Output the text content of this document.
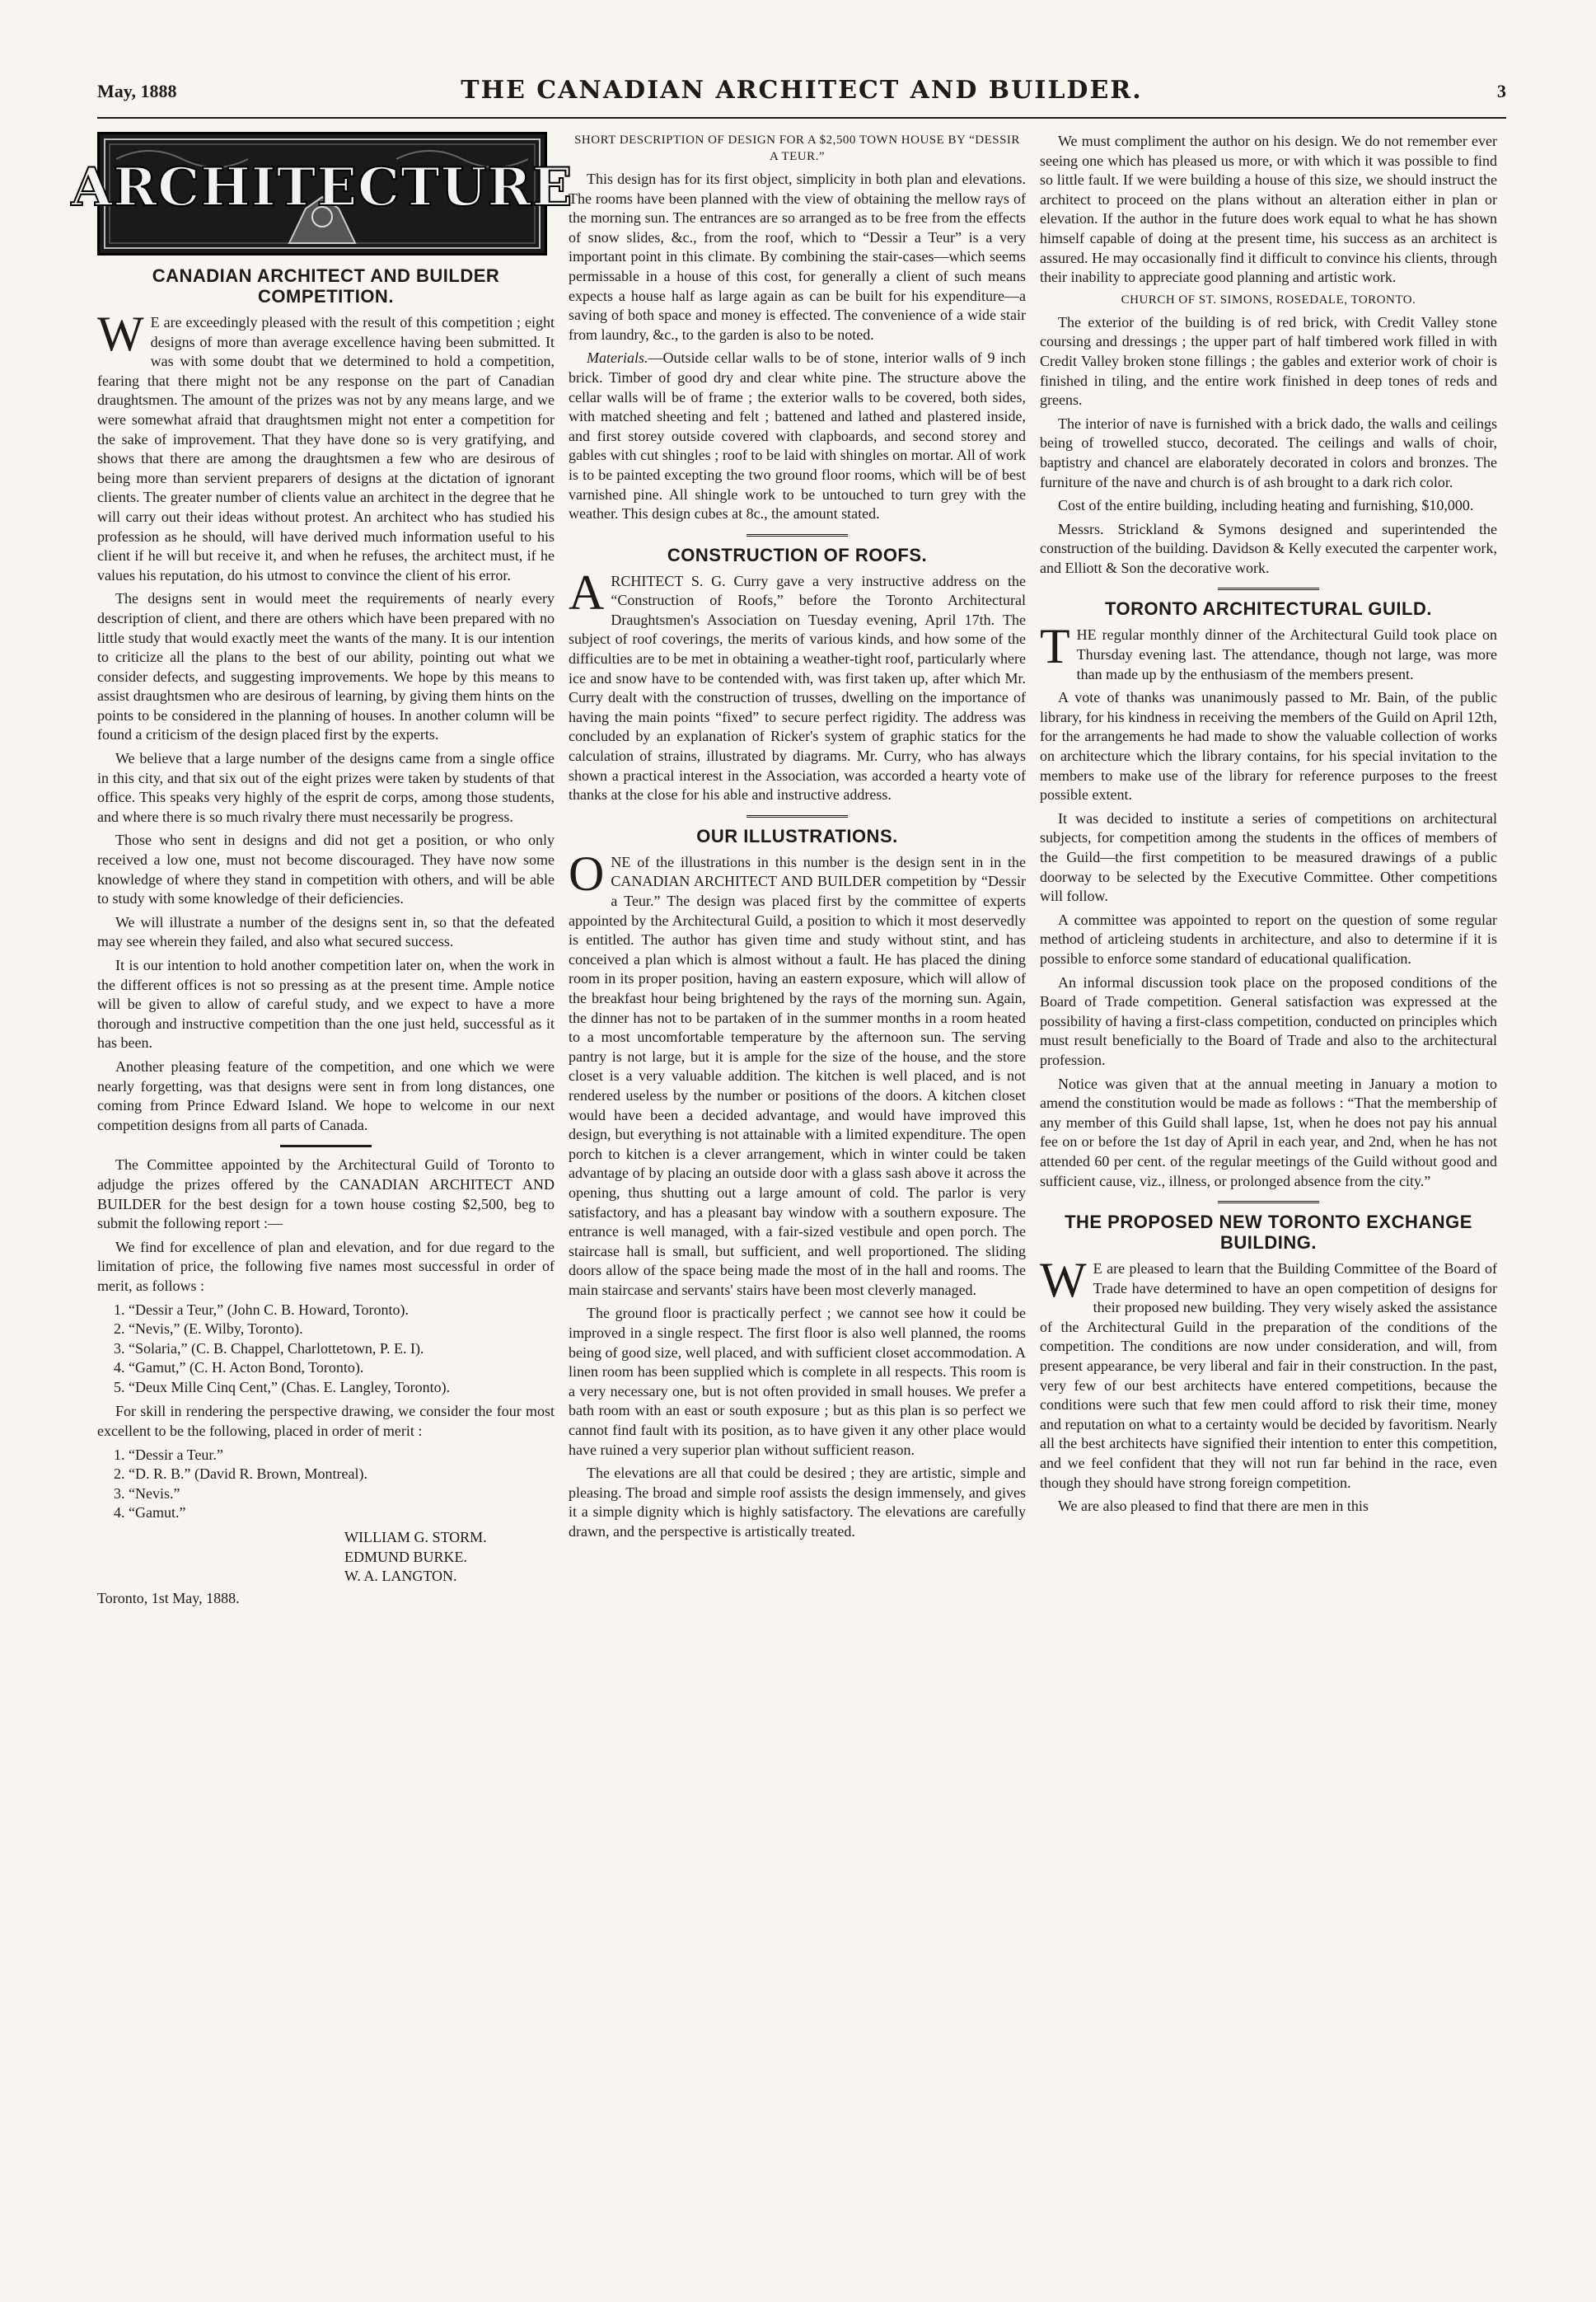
May, 1888	THE CANADIAN ARCHITECT AND BUILDER.	3
ARCHITECTURE
CANADIAN ARCHITECT AND BUILDER COMPETITION.

W E are exceedingly pleased with the result of this competition ; eight designs of more than average excellence having been submitted. It was with some doubt that we determined to hold a competition, fearing that there might not be any response on the part of Canadian draughtsmen. The amount of the prizes was not by any means large, and we were somewhat afraid that draughtsmen might not enter a competition for the sake of improvement. That they have done so is very gratifying, and shows that there are among the draughtsmen a few who are desirous of being more than servient preparers of designs at the dictation of ignorant clients. The greater number of clients value an architect in the degree that he will carry out their ideas without protest. An architect who has studied his profession as he should, will have derived much information useful to his client if he will but receive it, and when he refuses, the architect must, if he values his reputation, do his utmost to convince the client of his error.

The designs sent in would meet the requirements of nearly every description of client, and there are others which have been prepared with no little study that would exactly meet the wants of the many. It is our intention to criticize all the plans to the best of our ability, pointing out what we consider defects, and suggesting improvements. We hope by this means to assist draughtsmen who are desirous of learning, by giving them hints on the points to be considered in the planning of houses. In another column will be found a criticism of the design placed first by the experts.

We believe that a large number of the designs came from a single office in this city, and that six out of the eight prizes were taken by students of that office. This speaks very highly of the esprit de corps, among those students, and where there is so much rivalry there must necessarily be progress.

Those who sent in designs and did not get a position, or who only received a low one, must not become discouraged. They have now some knowledge of where they stand in competition with others, and will be able to study with some knowledge of their deficiencies.

We will illustrate a number of the designs sent in, so that the defeated may see wherein they failed, and also what secured success.

It is our intention to hold another competition later on, when the work in the different offices is not so pressing as at the present time. Ample notice will be given to allow of careful study, and we expect to have a more thorough and instructive competition than the one just held, successful as it has been.

Another pleasing feature of the competition, and one which we were nearly forgetting, was that designs were sent in from long distances, one coming from Prince Edward Island. We hope to welcome in our next competition designs from all parts of Canada.

The Committee appointed by the Architectural Guild of Toronto to adjudge the prizes offered by the CANADIAN ARCHITECT AND BUILDER for the best design for a town house costing $2,500, beg to submit the following report :—

We find for excellence of plan and elevation, and for due regard to the limitation of price, the following five names most successful in order of merit, as follows :

1. “Dessir a Teur,” (John C. B. Howard, Toronto).
2. “Nevis,” (E. Wilby, Toronto).
3. “Solaria,” (C. B. Chappel, Charlottetown, P. E. I).
4. “Gamut,” (C. H. Acton Bond, Toronto).
5. “Deux Mille Cinq Cent,” (Chas. E. Langley, Toronto).

For skill in rendering the perspective drawing, we consider the four most excellent to be the following, placed in order of merit :

1. “Dessir a Teur.”
2. “D. R. B.” (David R. Brown, Montreal).
3. “Nevis.”
4. “Gamut.”
WILLIAM G. STORM.
EDMUND BURKE.
W. A. LANGTON.
Toronto, 1st May, 1888.
SHORT DESCRIPTION OF DESIGN FOR A $2,500 TOWN HOUSE BY “DESSIR A TEUR.”

This design has for its first object, simplicity in both plan and elevations. The rooms have been planned with the view of obtaining the mellow rays of the morning sun. The entrances are so arranged as to be free from the effects of snow slides, &c., from the roof, which to “Dessir a Teur” is a very important point in this climate. By combining the stair-cases—which seems permissable in a house of this cost, for generally a client of such means expects a house half as large again as can be built for his expenditure—a saving of both space and money is effected. The convenience of a wide stair from laundry, &c., to the garden is also to be noted.

Materials.—Outside cellar walls to be of stone, interior walls of 9 inch brick. Timber of good dry and clear white pine. The structure above the cellar walls will be of frame ; the exterior walls to be covered, both sides, with matched sheeting and felt ; battened and lathed and plastered inside, and first storey outside covered with clapboards, and second storey and gables with cut shingles ; roof to be laid with shingles on mortar. All of work is to be painted excepting the two ground floor rooms, which will be of best varnished pine. All shingle work to be untouched to turn grey with the weather. This design cubes at 8c., the amount stated.

CONSTRUCTION OF ROOFS.

ARCHITECT S. G. Curry gave a very instructive address on the “Construction of Roofs,” before the Toronto Architectural Draughtsmen's Association on Tuesday evening, April 17th. The subject of roof coverings, the merits of various kinds, and how some of the difficulties are to be met in obtaining a weather-tight roof, particularly where ice and snow have to be contended with, was first taken up, after which Mr. Curry dealt with the construction of trusses, dwelling on the importance of having the main points “fixed” to secure perfect rigidity. The address was concluded by an explanation of Ricker's system of graphic statics for the calculation of strains, illustrated by diagrams. Mr. Curry, who has always shown a practical interest in the Association, was accorded a hearty vote of thanks at the close for his able and instructive address.

OUR ILLUSTRATIONS.

ONE of the illustrations in this number is the design sent in in the CANADIAN ARCHITECT AND BUILDER competition by “Dessir a Teur.” The design was placed first by the committee of experts appointed by the Architectural Guild, a position to which it most deservedly is entitled. The author has given time and study without stint, and has conceived a plan which is almost without a fault. He has placed the dining room in its proper position, having an eastern exposure, which will allow of the breakfast hour being brightened by the rays of the morning sun. Again, the dinner has not to be partaken of in the summer months in a room heated to a most uncomfortable temperature by the afternoon sun. The serving pantry is not large, but it is ample for the size of the house, and the store closet is a very valuable addition. The kitchen is well placed, and is not rendered useless by the number or positions of the doors. A kitchen closet would have been a decided advantage, and would have improved this design, but everything is not attainable with a limited expenditure. The open porch to kitchen is a clever arrangement, which in winter could be taken advantage of by placing an outside door with a glass sash above it across the opening, thus shutting out a large amount of cold. The parlor is very satisfactory, and has a pleasant bay window with a southern exposure. The entrance is well managed, with a fair-sized vestibule and open porch. The staircase hall is small, but sufficient, and well proportioned. The sliding doors allow of the space being made the most of in the hall and rooms. The main staircase and servants' stairs have been most cleverly managed.

The ground floor is practically perfect ; we cannot see how it could be improved in a single respect. The first floor is also well planned, the rooms being of good size, well placed, and with sufficient closet accommodation. A linen room has been supplied which is complete in all respects. This room is a very necessary one, but is not often provided in small houses. We prefer a bath room with an east or south exposure ; but as this plan is so perfect we cannot find fault with its position, as to have given it any other place would have ruined a very superior plan without sufficient reason.

The elevations are all that could be desired ; they are artistic, simple and pleasing. The broad and simple roof assists the design immensely, and gives it a simple dignity which is highly satisfactory. The elevations are carefully drawn, and the perspective is artistically treated.

We must compliment the author on his design. We do not remember ever seeing one which has pleased us more, or with which it was possible to find so little fault. If we were building a house of this size, we should instruct the architect to proceed on the plans without an alteration either in plan or elevation. If the author in the future does work equal to what he has shown himself capable of doing at the present time, his success as an architect is assured. He may occasionally find it difficult to convince his clients, through their inability to appreciate good planning and artistic work.

CHURCH OF ST. SIMONS, ROSEDALE, TORONTO.

The exterior of the building is of red brick, with Credit Valley stone coursing and dressings ; the upper part of half timbered work filled in with Credit Valley broken stone fillings ; the gables and exterior work of choir is finished in tiling, and the entire work finished in deep tones of reds and greens.

The interior of nave is furnished with a brick dado, the walls and ceilings being of trowelled stucco, decorated. The ceilings and walls of choir, baptistry and chancel are elaborately decorated in colors and bronzes. The furniture of the nave and church is of ash brought to a dark rich color.

Cost of the entire building, including heating and furnishing, $10,000.

Messrs. Strickland & Symons designed and superintended the construction of the building. Davidson & Kelly executed the carpenter work, and Elliott & Son the decorative work.

TORONTO ARCHITECTURAL GUILD.

THE regular monthly dinner of the Architectural Guild took place on Thursday evening last. The attendance, though not large, was more than made up by the enthusiasm of the members present.

A vote of thanks was unanimously passed to Mr. Bain, of the public library, for his kindness in receiving the members of the Guild on April 12th, for the arrangements he had made to show the valuable collection of works on architecture which the library contains, for his special invitation to the members to make use of the library for reference purposes to the freest possible extent.

It was decided to institute a series of competitions on architectural subjects, for competition among the students in the offices of members of the Guild—the first competition to be measured drawings of a public doorway to be selected by the Executive Committee. Other competitions will follow.

A committee was appointed to report on the question of some regular method of articleing students in architecture, and also to determine if it is possible to enforce some standard of educational qualification.

An informal discussion took place on the proposed conditions of the Board of Trade competition. General satisfaction was expressed at the possibility of having a first-class competition, conducted on principles which must result beneficially to the Board of Trade and also to the architectural profession.

Notice was given that at the annual meeting in January a motion to amend the constitution would be made as follows : “That the membership of any member of this Guild shall lapse, 1st, when he does not pay his annual fee on or before the 1st day of April in each year, and 2nd, when he has not attended 60 per cent. of the regular meetings of the Guild without good and sufficient cause, viz., illness, or prolonged absence from the city.”

THE PROPOSED NEW TORONTO EXCHANGE BUILDING.

W E are pleased to learn that the Building Committee of the Board of Trade have determined to have an open competition of designs for their proposed new building. They very wisely asked the assistance of the Architectural Guild in the preparation of the conditions of the competition. The conditions are now under consideration, and will, from present appearance, be very liberal and fair in their construction. In the past, very few of our best architects have entered competitions, because the conditions were such that few men could afford to risk their time, money and reputation on what to a certainty would be decided by favoritism. Nearly all the best architects have signified their intention to enter this competition, and we feel confident that they will not run far behind in the race, even though they should have strong foreign competition.

We are also pleased to find that there are men in this
